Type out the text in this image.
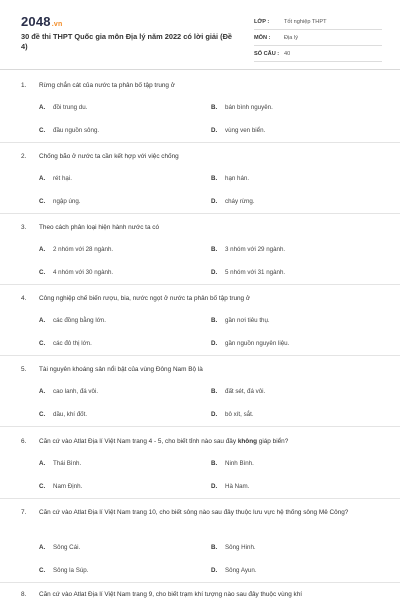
2048.vn
30 đề thi THPT Quốc gia môn Địa lý năm 2022 có lời giải (Đề 4)
LỚP :	Tốt nghiệp THPT
MÔN :	Địa lý
SỐ CÂU : 40
1.	Rừng chắn cát của nước ta phân bố tập trung ở
A.	đồi trung du.	B.	bán bình nguyên.
C.	đầu nguồn sông.	D.	vùng ven biển.
2.	Chống bão ở nước ta cần kết hợp với việc chống
A.	rét hại.	B.	hạn hán.
C.	ngập úng.	D.	cháy rừng.
3.	Theo cách phân loại hiện hành nước ta có
A.	2 nhóm với 28 ngành.	B.	3 nhóm với 29 ngành.
C.	4 nhóm với 30 ngành.	D.	5 nhóm với 31 ngành.
4.	Công nghiệp chế biến rượu, bia, nước ngọt ở nước ta phân bố tập trung ở
A.	các đồng bằng lớn.	B.	gần nơi tiêu thụ.
C.	các đô thị lớn.	D.	gần nguồn nguyên liệu.
5.	Tài nguyên khoáng sản nổi bật của vùng Đông Nam Bộ là
A.	cao lanh, đá vôi.	B.	đất sét, đá vôi.
C.	dầu, khí đốt.	D.	bô xít, sắt.
6.	Căn cứ vào Atlat Địa lí Việt Nam trang 4 - 5, cho biết tỉnh nào sau đây không giáp biển?
A.	Thái Bình.	B.	Ninh Bình.
C.	Nam Định.	D.	Hà Nam.
7.	Căn cứ vào Atlat Địa lí Việt Nam trang 10, cho biết sông nào sau đây thuộc lưu vực hệ thống sông Mê Công?
A.	Sông Cái.	B.	Sông Hinh.
C.	Sông la Súp.	D.	Sông Ayun.
8.	Căn cứ vào Atlat Địa lí Việt Nam trang 9, cho biết trạm khí tượng nào sau đây thuộc vùng khí
